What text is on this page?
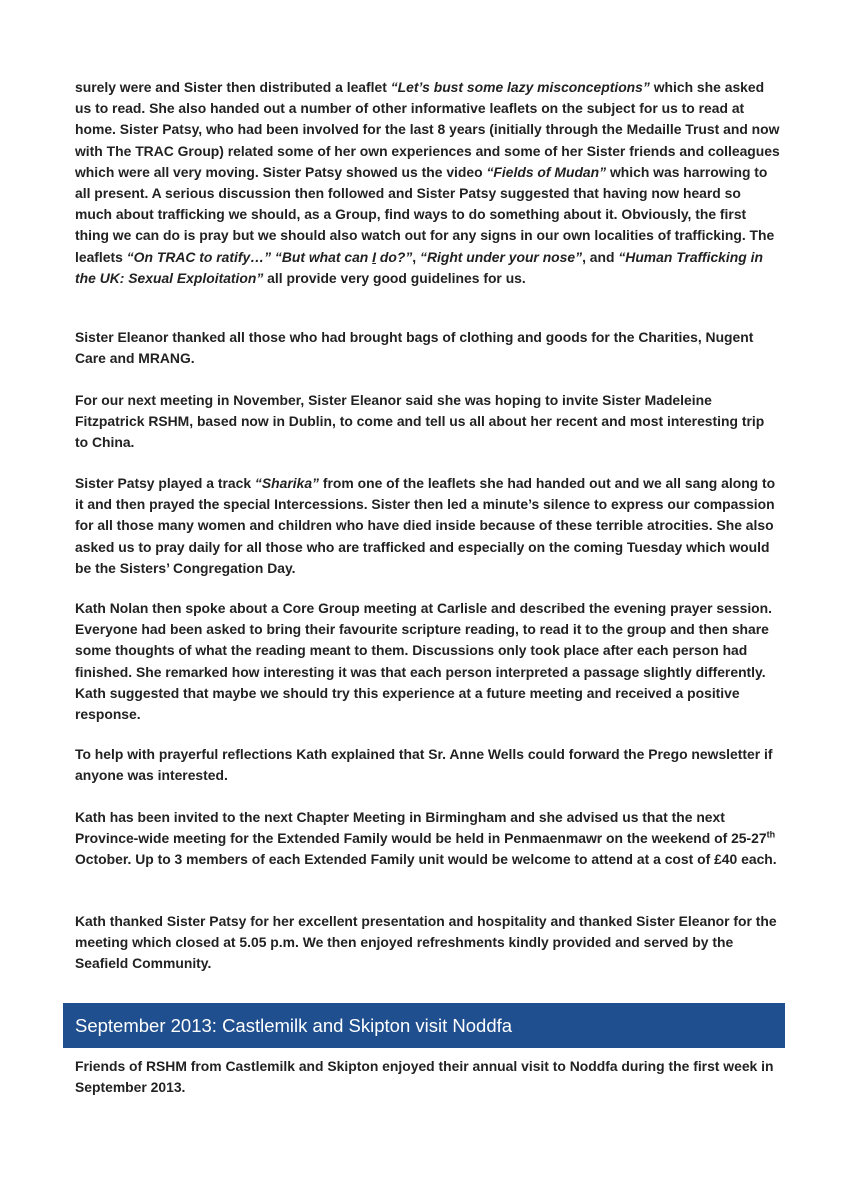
surely were and Sister then distributed a leaflet “Let’s bust some lazy misconceptions” which she asked us to read. She also handed out a number of other informative leaflets on the subject for us to read at home. Sister Patsy, who had been involved for the last 8 years (initially through the Medaille Trust and now with The TRAC Group) related some of her own experiences and some of her Sister friends and colleagues which were all very moving. Sister Patsy showed us the video “Fields of Mudan” which was harrowing to all present. A serious discussion then followed and Sister Patsy suggested that having now heard so much about trafficking we should, as a Group, find ways to do something about it. Obviously, the first thing we can do is pray but we should also watch out for any signs in our own localities of trafficking. The leaflets “On TRAC to ratify…” “But what can I do?”, “Right under your nose”, and “Human Trafficking in the UK: Sexual Exploitation” all provide very good guidelines for us.

Sister Eleanor thanked all those who had brought bags of clothing and goods for the Charities, Nugent Care and MRANG.

For our next meeting in November, Sister Eleanor said she was hoping to invite Sister Madeleine Fitzpatrick RSHM, based now in Dublin, to come and tell us all about her recent and most interesting trip to China.

Sister Patsy played a track “Sharika” from one of the leaflets she had handed out and we all sang along to it and then prayed the special Intercessions. Sister then led a minute’s silence to express our compassion for all those many women and children who have died inside because of these terrible atrocities. She also asked us to pray daily for all those who are trafficked and especially on the coming Tuesday which would be the Sisters’ Congregation Day.

Kath Nolan then spoke about a Core Group meeting at Carlisle and described the evening prayer session. Everyone had been asked to bring their favourite scripture reading, to read it to the group and then share some thoughts of what the reading meant to them. Discussions only took place after each person had finished. She remarked how interesting it was that each person interpreted a passage slightly differently. Kath suggested that maybe we should try this experience at a future meeting and received a positive response.

To help with prayerful reflections Kath explained that Sr. Anne Wells could forward the Prego newsletter if anyone was interested.

Kath has been invited to the next Chapter Meeting in Birmingham and she advised us that the next Province-wide meeting for the Extended Family would be held in Penmaenmawr on the weekend of 25-27th October. Up to 3 members of each Extended Family unit would be welcome to attend at a cost of £40 each.

Kath thanked Sister Patsy for her excellent presentation and hospitality and thanked Sister Eleanor for the meeting which closed at 5.05 p.m. We then enjoyed refreshments kindly provided and served by the Seafield Community.

September 2013: Castlemilk and Skipton visit Noddfa

Friends of RSHM from Castlemilk and Skipton enjoyed their annual visit to Noddfa during the first week in September 2013.
